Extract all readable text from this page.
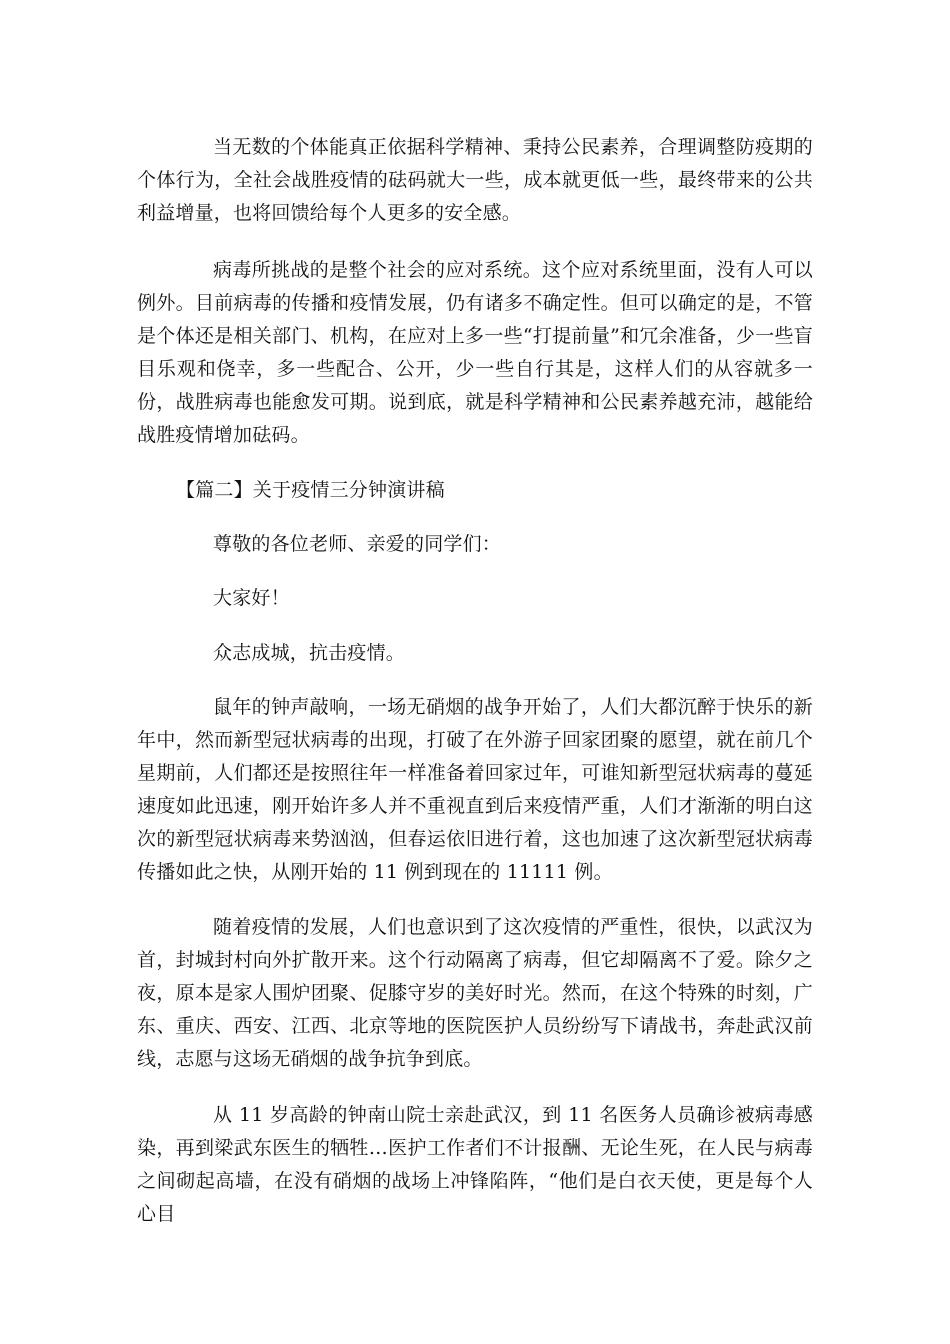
当无数的个体能真正依据科学精神、秉持公民素养，合理调整防疫期的个体行为，全社会战胜疫情的砝码就大一些，成本就更低一些，最终带来的公共利益增量，也将回馈给每个人更多的安全感。

病毒所挑战的是整个社会的应对系统。这个应对系统里面，没有人可以例外。目前病毒的传播和疫情发展，仍有诸多不确定性。但可以确定的是，不管是个体还是相关部门、机构，在应对上多一些“打提前量”和冗余准备，少一些盲目乐观和侥幸，多一些配合、公开，少一些自行其是，这样人们的从容就多一份，战胜病毒也能愈发可期。说到底，就是科学精神和公民素养越充沛，越能给战胜疫情增加砝码。

【篇二】关于疫情三分钟演讲稿

尊敬的各位老师、亲爱的同学们：

大家好！

众志成城，抗击疫情。

鼠年的钟声敲响，一场无硝烟的战争开始了，人们大都沉醉于快乐的新年中，然而新型冠状病毒的出现，打破了在外游子回家团聚的愿望，就在前几个星期前，人们都还是按照往年一样准备着回家过年，可谁知新型冠状病毒的蔓延速度如此迅速，刚开始许多人并不重视直到后来疫情严重，人们才渐渐的明白这次的新型冠状病毒来势汹汹，但春运依旧进行着，这也加速了这次新型冠状病毒传播如此之快，从刚开始的 11 例到现在的 11111 例。

随着疫情的发展，人们也意识到了这次疫情的严重性，很快，以武汉为首，封城封村向外扩散开来。这个行动隔离了病毒，但它却隔离不了爱。除夕之夜，原本是家人围炉团聚、促膝守岁的美好时光。然而，在这个特殊的时刻，广东、重庆、西安、江西、北京等地的医院医护人员纷纷写下请战书，奔赴武汉前线，志愿与这场无硝烟的战争抗争到底。

从 11 岁高龄的钟南山院士亲赴武汉，到 11 名医务人员确诊被病毒感染，再到梁武东医生的牺牲…医护工作者们不计报酬、无论生死，在人民与病毒之间砌起高墙，在没有硝烟的战场上冲锋陷阵，“他们是白衣天使，更是每个人心目
